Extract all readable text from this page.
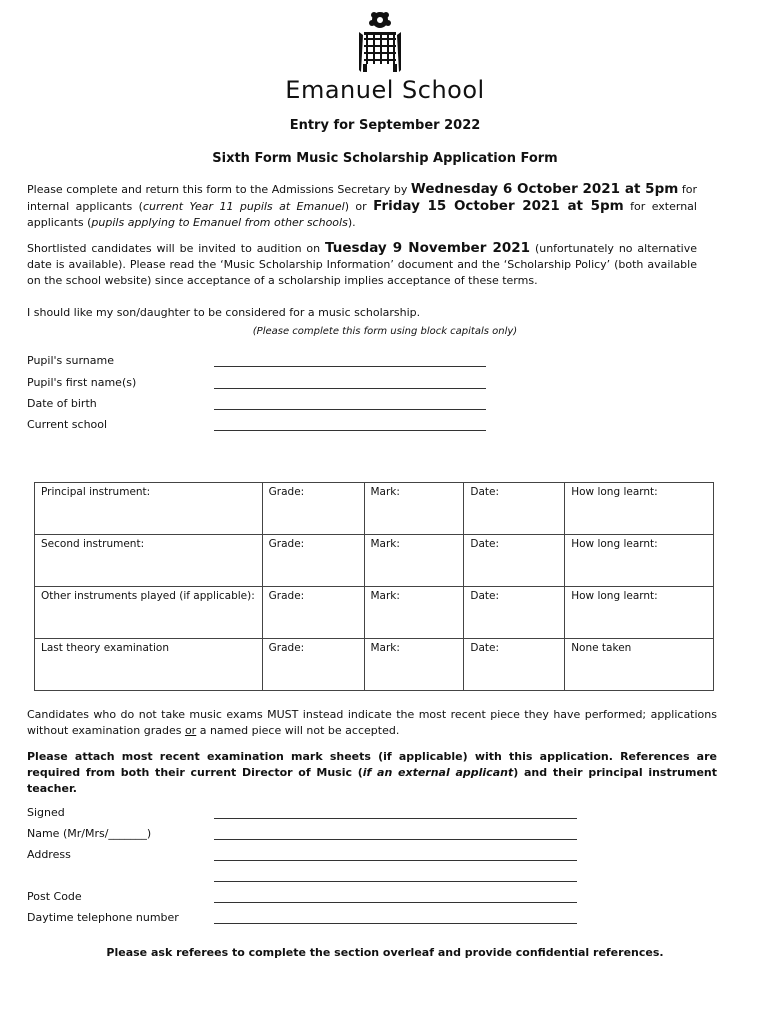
Emanuel School
Entry for September 2022
Sixth Form Music Scholarship Application Form
Please complete and return this form to the Admissions Secretary by Wednesday 6 October 2021 at 5pm for internal applicants (current Year 11 pupils at Emanuel) or Friday 15 October 2021 at 5pm for external applicants (pupils applying to Emanuel from other schools).
Shortlisted candidates will be invited to audition on Tuesday 9 November 2021 (unfortunately no alternative date is available). Please read the ‘Music Scholarship Information’ document and the ‘Scholarship Policy’ (both available on the school website) since acceptance of a scholarship implies acceptance of these terms.
I should like my son/daughter to be considered for a music scholarship.
(Please complete this form using block capitals only)
Pupil's surname
Pupil's first name(s)
Date of birth
Current school
Principal instrument:	Grade:	Mark:	Date:	How long learnt:
Second instrument:	Grade:	Mark:	Date:	How long learnt:
Other instruments played (if applicable):	Grade:	Mark:	Date:	How long learnt:
Last theory examination	Grade:	Mark:	Date:	None taken
Candidates who do not take music exams MUST instead indicate the most recent piece they have performed; applications without examination grades or a named piece will not be accepted.
Please attach most recent examination mark sheets (if applicable) with this application. References are required from both their current Director of Music (if an external applicant) and their principal instrument teacher.
Signed
Name (Mr/Mrs/_______)
Address
Post Code
Daytime telephone number
Please ask referees to complete the section overleaf and provide confidential references.
